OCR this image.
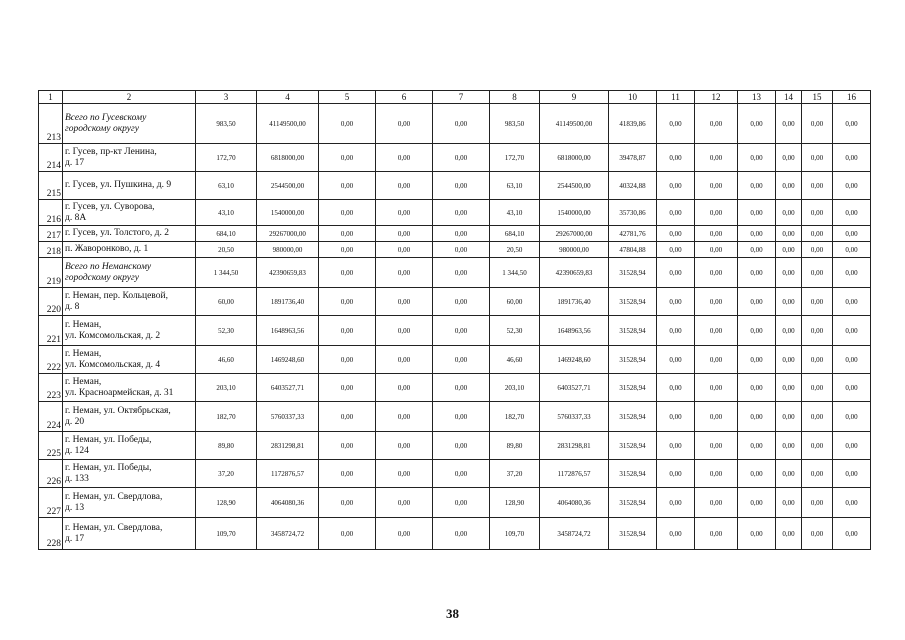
1	2	3	4	5	6	7	8	9	10	11	12	13	14	15	16
213	Всего по Гусевскому
городскому округу	983,50	41149500,00	0,00	0,00	0,00	983,50	41149500,00	41839,86	0,00	0,00	0,00	0,00	0,00	0,00
214	г. Гусев, пр-кт Ленина,
д. 17	172,70	6818000,00	0,00	0,00	0,00	172,70	6818000,00	39478,87	0,00	0,00	0,00	0,00	0,00	0,00
215	г. Гусев, ул. Пушкина, д. 9	63,10	2544500,00	0,00	0,00	0,00	63,10	2544500,00	40324,88	0,00	0,00	0,00	0,00	0,00	0,00
216	г. Гусев, ул. Суворова,
д. 8А	43,10	1540000,00	0,00	0,00	0,00	43,10	1540000,00	35730,86	0,00	0,00	0,00	0,00	0,00	0,00
217	г. Гусев, ул. Толстого, д. 2	684,10	29267000,00	0,00	0,00	0,00	684,10	29267000,00	42781,76	0,00	0,00	0,00	0,00	0,00	0,00
218	п. Жаворонково, д. 1	20,50	980000,00	0,00	0,00	0,00	20,50	980000,00	47804,88	0,00	0,00	0,00	0,00	0,00	0,00
219	Всего по Неманскому
городскому округу	1 344,50	42390659,83	0,00	0,00	0,00	1 344,50	42390659,83	31528,94	0,00	0,00	0,00	0,00	0,00	0,00
220	г. Неман, пер. Кольцевой,
д. 8	60,00	1891736,40	0,00	0,00	0,00	60,00	1891736,40	31528,94	0,00	0,00	0,00	0,00	0,00	0,00
221	г. Неман,
ул. Комсомольская, д. 2	52,30	1648963,56	0,00	0,00	0,00	52,30	1648963,56	31528,94	0,00	0,00	0,00	0,00	0,00	0,00
222	г. Неман,
ул. Комсомольская, д. 4	46,60	1469248,60	0,00	0,00	0,00	46,60	1469248,60	31528,94	0,00	0,00	0,00	0,00	0,00	0,00
223	г. Неман,
ул. Красноармейская, д. 31	203,10	6403527,71	0,00	0,00	0,00	203,10	6403527,71	31528,94	0,00	0,00	0,00	0,00	0,00	0,00
224	г. Неман, ул. Октябрьская,
д. 20	182,70	5760337,33	0,00	0,00	0,00	182,70	5760337,33	31528,94	0,00	0,00	0,00	0,00	0,00	0,00
225	г. Неман, ул. Победы,
д. 124	89,80	2831298,81	0,00	0,00	0,00	89,80	2831298,81	31528,94	0,00	0,00	0,00	0,00	0,00	0,00
226	г. Неман, ул. Победы,
д. 133	37,20	1172876,57	0,00	0,00	0,00	37,20	1172876,57	31528,94	0,00	0,00	0,00	0,00	0,00	0,00
227	г. Неман, ул. Свердлова,
д. 13	128,90	4064080,36	0,00	0,00	0,00	128,90	4064080,36	31528,94	0,00	0,00	0,00	0,00	0,00	0,00
228	г. Неман, ул. Свердлова,
д. 17	109,70	3458724,72	0,00	0,00	0,00	109,70	3458724,72	31528,94	0,00	0,00	0,00	0,00	0,00	0,00
38
